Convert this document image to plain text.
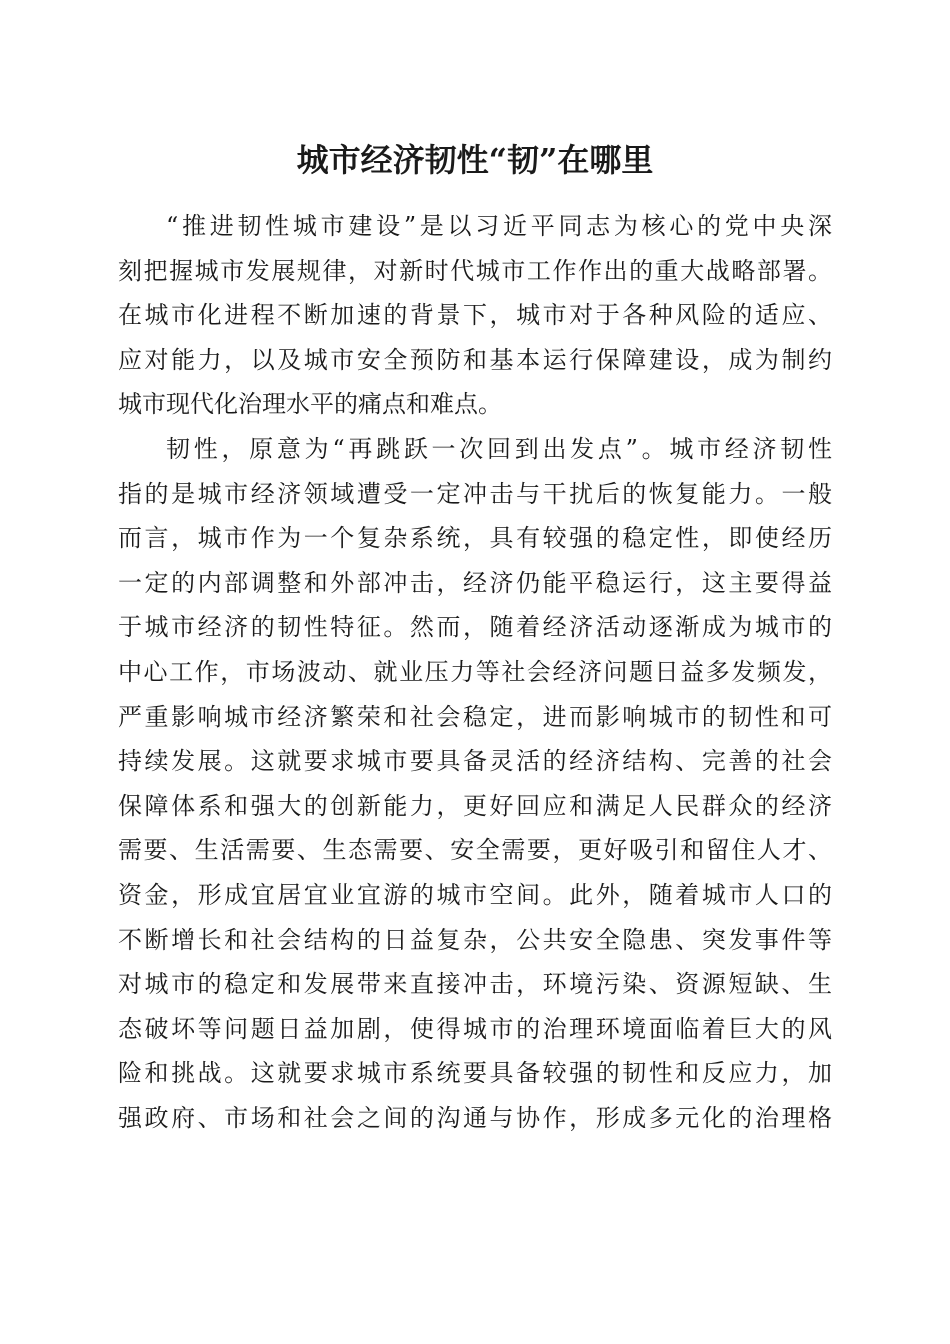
城市经济韧性“韧”在哪里
“推进韧性城市建设”是以习近平同志为核心的党中央深
刻把握城市发展规律，对新时代城市工作作出的重大战略部署。
在城市化进程不断加速的背景下，城市对于各种风险的适应、
应对能力，以及城市安全预防和基本运行保障建设，成为制约
城市现代化治理水平的痛点和难点。
韧性，原意为“再跳跃一次回到出发点”。城市经济韧性
指的是城市经济领域遭受一定冲击与干扰后的恢复能力。一般
而言，城市作为一个复杂系统，具有较强的稳定性，即使经历
一定的内部调整和外部冲击，经济仍能平稳运行，这主要得益
于城市经济的韧性特征。然而，随着经济活动逐渐成为城市的
中心工作，市场波动、就业压力等社会经济问题日益多发频发，
严重影响城市经济繁荣和社会稳定，进而影响城市的韧性和可
持续发展。这就要求城市要具备灵活的经济结构、完善的社会
保障体系和强大的创新能力，更好回应和满足人民群众的经济
需要、生活需要、生态需要、安全需要，更好吸引和留住人才、
资金，形成宜居宜业宜游的城市空间。此外，随着城市人口的
不断增长和社会结构的日益复杂，公共安全隐患、突发事件等
对城市的稳定和发展带来直接冲击，环境污染、资源短缺、生
态破坏等问题日益加剧，使得城市的治理环境面临着巨大的风
险和挑战。这就要求城市系统要具备较强的韧性和反应力，加
强政府、市场和社会之间的沟通与协作，形成多元化的治理格
